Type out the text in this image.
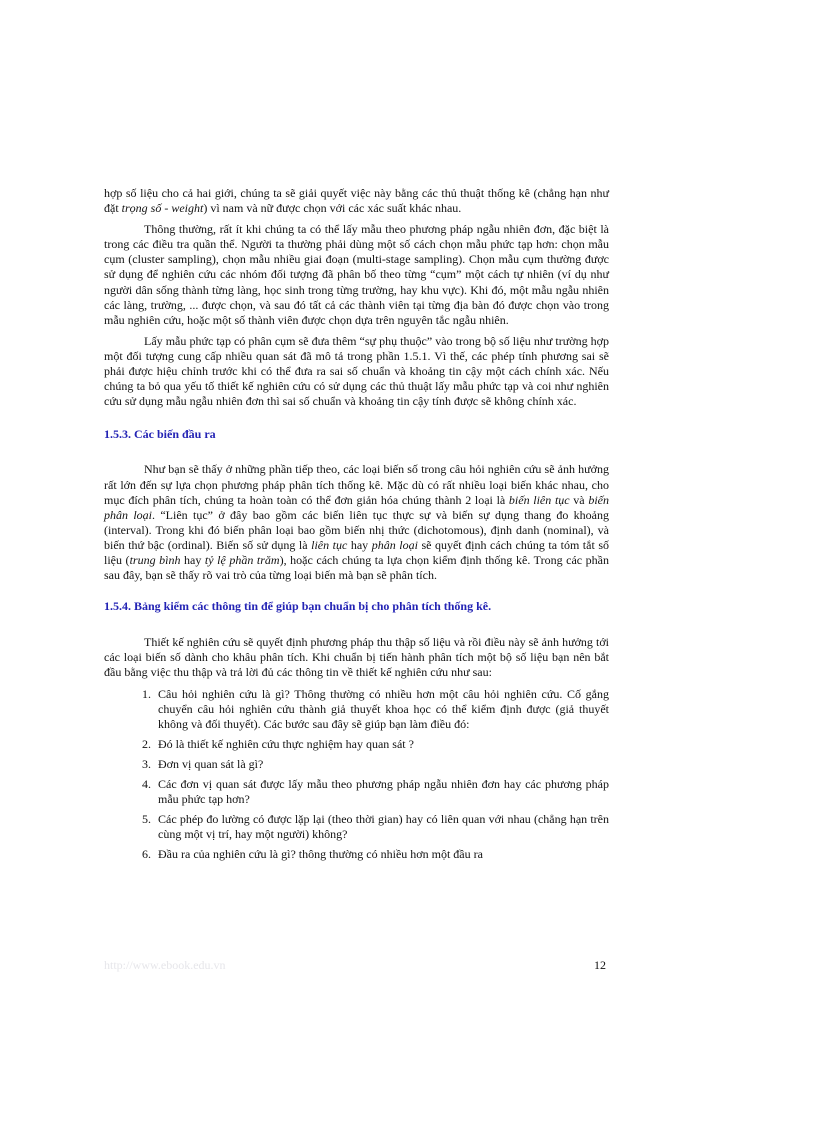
hợp số liệu cho cả hai giới, chúng ta sẽ giải quyết việc này bằng các thủ thuật thống kê (chẳng hạn như đặt trọng số - weight) vì nam và nữ được chọn với các xác suất khác nhau.

Thông thường, rất ít khi chúng ta có thể lấy mẫu theo phương pháp ngẫu nhiên đơn, đặc biệt là trong các điều tra quần thể. Người ta thường phải dùng một số cách chọn mẫu phức tạp hơn: chọn mẫu cụm (cluster sampling), chọn mẫu nhiều giai đoạn (multi-stage sampling). Chọn mẫu cụm thường được sử dụng để nghiên cứu các nhóm đối tượng đã phân bố theo từng “cụm” một cách tự nhiên (ví dụ như người dân sống thành từng làng, học sinh trong từng trường, hay khu vực). Khi đó, một mẫu ngẫu nhiên các làng, trường, ... được chọn, và sau đó tất cả các thành viên tại từng địa bàn đó được chọn vào trong mẫu nghiên cứu, hoặc một số thành viên được chọn dựa trên nguyên tắc ngẫu nhiên.

Lấy mẫu phức tạp có phân cụm sẽ đưa thêm “sự phụ thuộc” vào trong bộ số liệu như trường hợp một đối tượng cung cấp nhiều quan sát đã mô tả trong phần 1.5.1. Vì thế, các phép tính phương sai sẽ phải được hiệu chỉnh trước khi có thể đưa ra sai số chuẩn và khoảng tin cậy một cách chính xác. Nếu chúng ta bỏ qua yếu tố thiết kế nghiên cứu có sử dụng các thủ thuật lấy mẫu phức tạp và coi như nghiên cứu sử dụng mẫu ngẫu nhiên đơn thì sai số chuẩn và khoảng tin cậy tính được sẽ không chính xác.

1.5.3. Các biến đầu ra

Như bạn sẽ thấy ở những phần tiếp theo, các loại biến số trong câu hỏi nghiên cứu sẽ ảnh hưởng rất lớn đến sự lựa chọn phương pháp phân tích thống kê. Mặc dù có rất nhiều loại biến khác nhau, cho mục đích phân tích, chúng ta hoàn toàn có thể đơn giản hóa chúng thành 2 loại là biến liên tục và biến phân loại. “Liên tục” ở đây bao gồm các biến liên tục thực sự và biến sự dụng thang đo khoảng (interval). Trong khi đó biến phân loại bao gồm biến nhị thức (dichotomous), định danh (nominal), và biến thứ bậc (ordinal). Biến số sử dụng là liên tục hay phân loại sẽ quyết định cách chúng ta tóm tắt số liệu (trung bình hay tỷ lệ phần trăm), hoặc cách chúng ta lựa chọn kiểm định thống kê. Trong các phần sau đây, bạn sẽ thấy rõ vai trò của từng loại biến mà bạn sẽ phân tích.

1.5.4. Bảng kiểm các thông tin để giúp bạn chuẩn bị cho phân tích thống kê.

Thiết kế nghiên cứu sẽ quyết định phương pháp thu thập số liệu và rồi điều này sẽ ảnh hưởng tới các loại biến số dành cho khâu phân tích. Khi chuẩn bị tiến hành phân tích một bộ số liệu bạn nên bắt đầu bằng việc thu thập và trả lời đủ các thông tin về thiết kế nghiên cứu như sau:

1. Câu hỏi nghiên cứu là gì? Thông thường có nhiều hơn một câu hỏi nghiên cứu. Cố gắng chuyển câu hỏi nghiên cứu thành giả thuyết khoa học có thể kiểm định được (giả thuyết không và đối thuyết). Các bước sau đây sẽ giúp bạn làm điều đó:
2. Đó là thiết kế nghiên cứu thực nghiệm hay quan sát ?
3. Đơn vị quan sát là gì?
4. Các đơn vị quan sát được lấy mẫu theo phương pháp ngẫu nhiên đơn hay các phương pháp mẫu phức tạp hơn?
5. Các phép đo lường có được lặp lại (theo thời gian) hay có liên quan với nhau (chẳng hạn trên cùng một vị trí, hay một người) không?
6. Đầu ra của nghiên cứu là gì? thông thường có nhiều hơn một đầu ra
http://www.ebook.edu.vn	12
